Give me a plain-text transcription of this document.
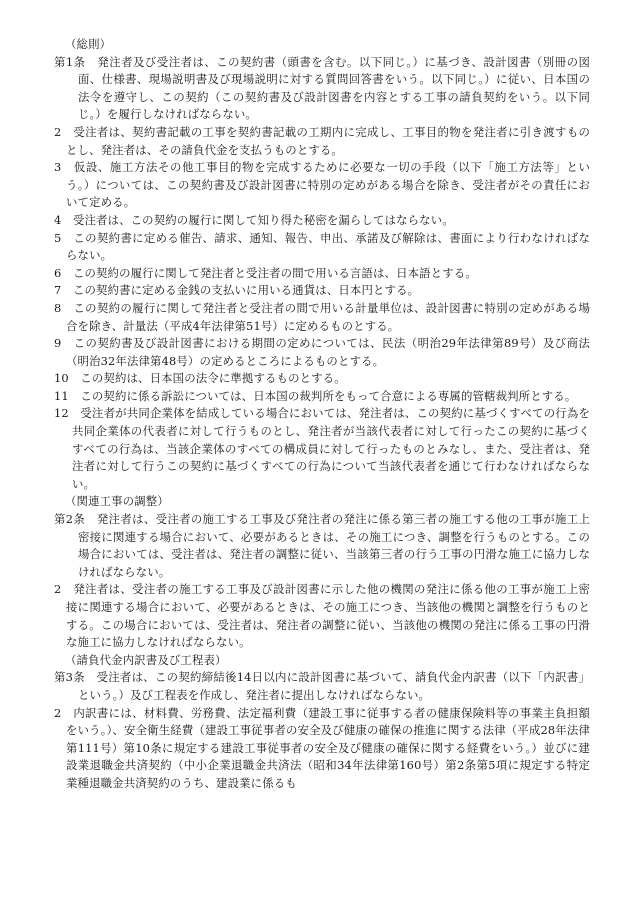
（総則）

第1条　発注者及び受注者は、この契約書（頭書を含む。以下同じ。）に基づき、設計図書（別冊の図面、仕様書、現場説明書及び現場説明に対する質問回答書をいう。以下同じ。）に従い、日本国の法令を遵守し、この契約（この契約書及び設計図書を内容とする工事の請負契約をいう。以下同じ。）を履行しなければならない。

2　受注者は、契約書記載の工事を契約書記載の工期内に完成し、工事目的物を発注者に引き渡すものとし、発注者は、その請負代金を支払うものとする。

3　仮設、施工方法その他工事目的物を完成するために必要な一切の手段（以下「施工方法等」という。）については、この契約書及び設計図書に特別の定めがある場合を除き、受注者がその責任において定める。

4　受注者は、この契約の履行に関して知り得た秘密を漏らしてはならない。

5　この契約書に定める催告、請求、通知、報告、申出、承諾及び解除は、書面により行わなければならない。

6　この契約の履行に関して発注者と受注者の間で用いる言語は、日本語とする。

7　この契約書に定める金銭の支払いに用いる通貨は、日本円とする。

8　この契約の履行に関して発注者と受注者の間で用いる計量単位は、設計図書に特別の定めがある場合を除き、計量法（平成4年法律第51号）に定めるものとする。

9　この契約書及び設計図書における期間の定めについては、民法（明治29年法律第89号）及び商法（明治32年法律第48号）の定めるところによるものとする。

10　この契約は、日本国の法令に準拠するものとする。

11　この契約に係る訴訟については、日本国の裁判所をもって合意による専属的管轄裁判所とする。

12　受注者が共同企業体を結成している場合においては、発注者は、この契約に基づくすべての行為を共同企業体の代表者に対して行うものとし、発注者が当該代表者に対して行ったこの契約に基づくすべての行為は、当該企業体のすべての構成員に対して行ったものとみなし、また、受注者は、発注者に対して行うこの契約に基づくすべての行為について当該代表者を通じて行わなければならない。

（関連工事の調整）

第2条　発注者は、受注者の施工する工事及び発注者の発注に係る第三者の施工する他の工事が施工上密接に関連する場合において、必要があるときは、その施工につき、調整を行うものとする。この場合においては、受注者は、発注者の調整に従い、当該第三者の行う工事の円滑な施工に協力しなければならない。

2　発注者は、受注者の施工する工事及び設計図書に示した他の機関の発注に係る他の工事が施工上密接に関連する場合において、必要があるときは、その施工につき、当該他の機関と調整を行うものとする。この場合においては、受注者は、発注者の調整に従い、当該他の機関の発注に係る工事の円滑な施工に協力しなければならない。

（請負代金内訳書及び工程表）

第3条　受注者は、この契約締結後14日以内に設計図書に基づいて、請負代金内訳書（以下「内訳書」という。）及び工程表を作成し、発注者に提出しなければならない。

2　内訳書には、材料費、労務費、法定福利費（建設工事に従事する者の健康保険料等の事業主負担額をいう。）、安全衛生経費（建設工事従事者の安全及び健康の確保の推進に関する法律（平成28年法律第111号）第10条に規定する建設工事従事者の安全及び健康の確保に関する経費をいう。）並びに建設業退職金共済契約（中小企業退職金共済法（昭和34年法律第160号）第2条第5項に規定する特定業種退職金共済契約のうち、建設業に係るも
